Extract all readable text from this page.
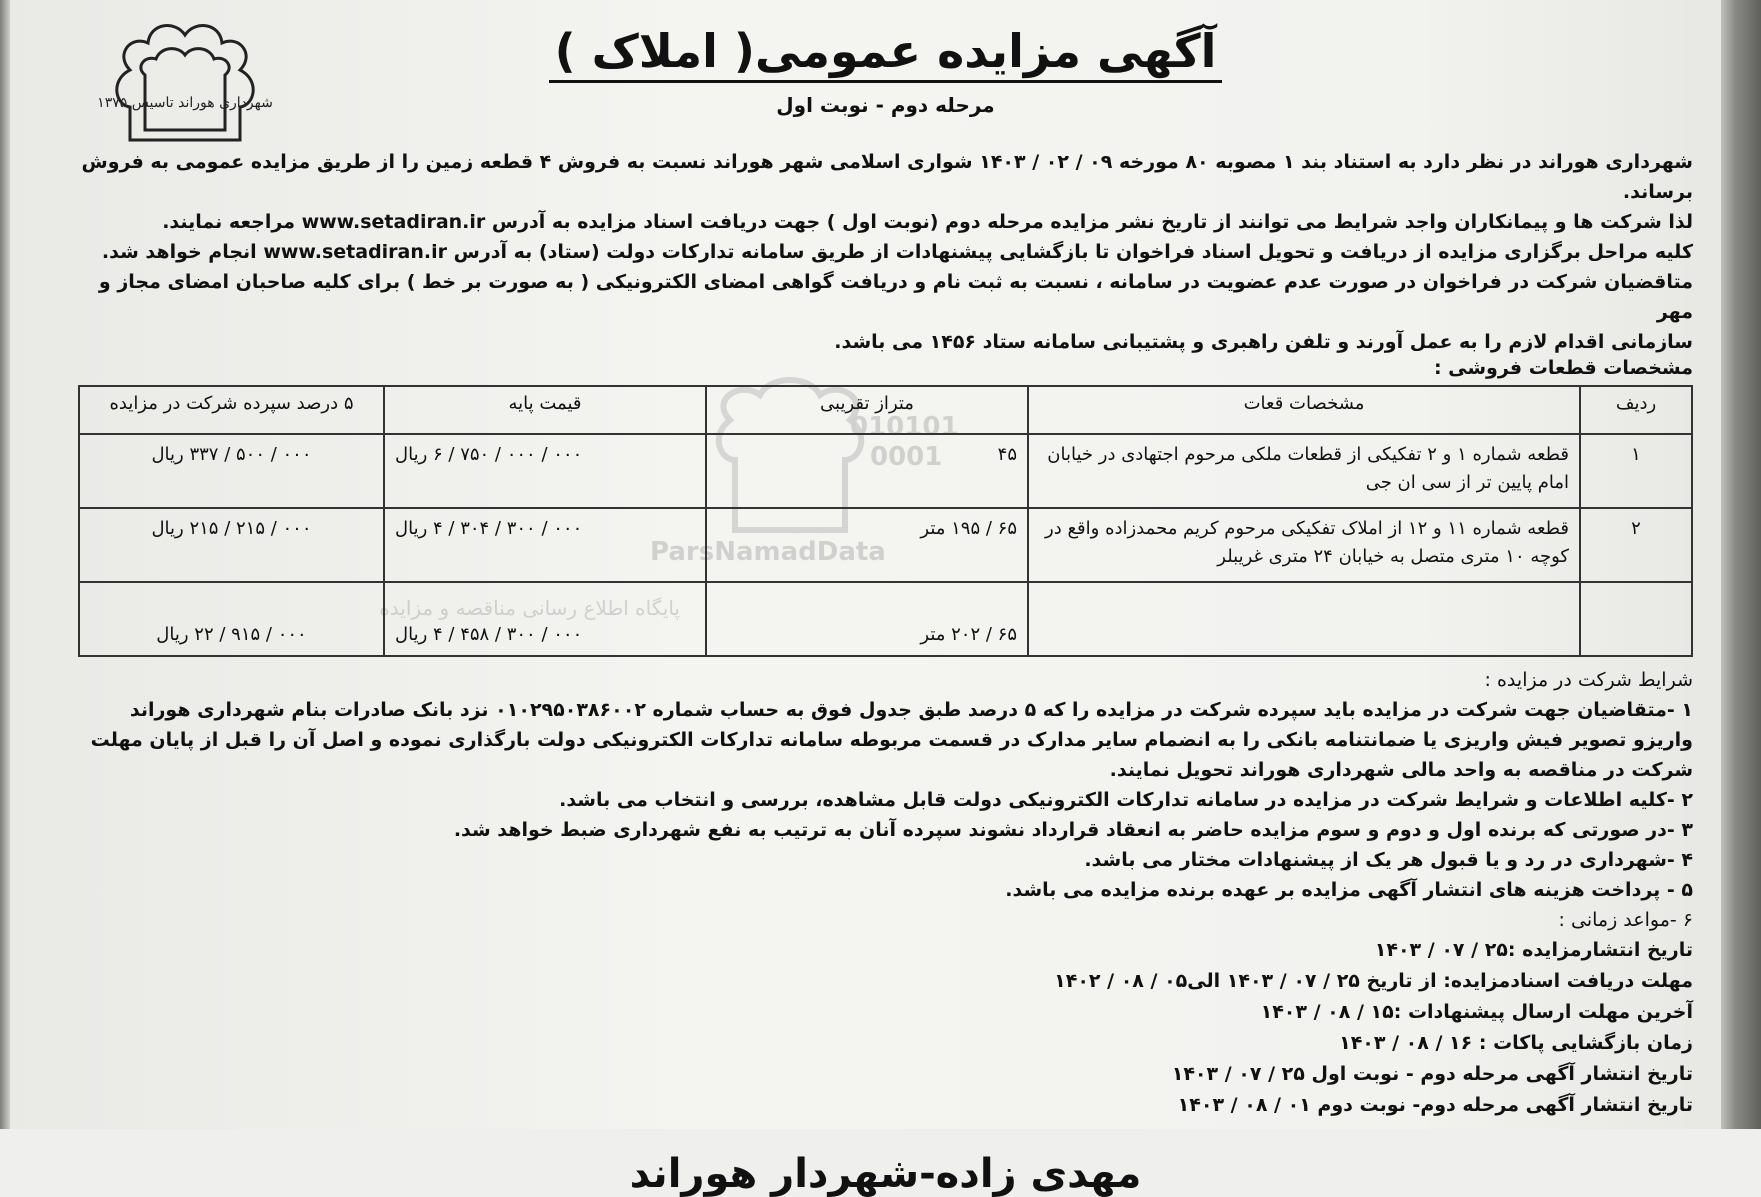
شهرداری هوراند تاسیس ۱۳۷۵
010101
0001
ParsNamadData
پایگاه اطلاع رسانی مناقصه و مزایده
آگهی مزایده عمومی( املاک )
مرحله دوم - نوبت اول

شهرداری هوراند در نظر دارد به استناد بند ۱ مصوبه ۸۰ مورخه ۰۹ / ۰۲ / ۱۴۰۳ شوارى اسلامی شهر هوراند نسبت به فروش ۴ قطعه زمین را از طریق مزایده عمومی به فروش برساند.

لذا شرکت ها و پیمانکاران واجد شرایط می توانند از تاریخ نشر مزایده مرحله دوم (نوبت اول ) جهت دریافت اسناد مزایده به آدرس www.setadiran.ir مراجعه نمایند.

کلیه مراحل برگزاری مزایده از دریافت و تحویل اسناد فراخوان تا بازگشایی پیشنهادات از طریق سامانه تدارکات دولت (ستاد) به آدرس www.setadiran.ir انجام خواهد شد.

متاقضیان شرکت در فراخوان در صورت عدم عضویت در سامانه ، نسبت به ثبت نام و دریافت گواهی امضای الکترونیکی ( به صورت بر خط ) برای کلیه صاحبان امضای مجاز و مهر

سازمانی اقدام لازم را به عمل آورند و تلفن راهبری و پشتیبانی سامانه ستاد ۱۴۵۶ می باشد.

مشخصات قطعات فروشی :
ردیف	مشخصات قعات	متراز تقریبی	قیمت پایه	۵ درصد سپرده شرکت در مزایده
۱	قطعه شماره ۱ و ۲ تفکیکی از قطعات ملکی مرحوم اجتهادی در خیابان امام پایین تر از سی ان جی	۴۵	۰۰۰ / ۰۰۰ / ۷۵۰ / ۶ ریال	۰۰۰ / ۵۰۰ / ۳۳۷ ریال
۲	قطعه شماره ۱۱ و ۱۲ از املاک تفکیکی مرحوم کریم محمدزاده واقع در کوچه ۱۰ متری متصل به خیابان ۲۴ متری غریبلر	۶۵ / ۱۹۵ متر	۰۰۰ / ۳۰۰ / ۳۰۴ / ۴ ریال	۰۰۰ / ۲۱۵ / ۲۱۵ ریال
		۶۵ / ۲۰۲ متر	۰۰۰ / ۳۰۰ / ۴۵۸ / ۴ ریال	۰۰۰ / ۹۱۵ / ۲۲ ریال

شرایط شرکت در مزایده :

۱ -متقاضیان جهت شرکت در مزایده باید سپرده شرکت در مزایده را که ۵ درصد طبق جدول فوق به حساب شماره ۰۱۰۲۹۵۰۳۸۶۰۰۲ نزد بانک صادرات بنام شهرداری هوراند واریزو تصویر فیش واریزی یا ضمانتنامه بانکی را به انضمام سایر مدارک در قسمت مربوطه سامانه تدارکات الکترونیکی دولت بارگذاری نموده و اصل آن را قبل از پایان مهلت شرکت در مناقصه به واحد مالی شهرداری هوراند تحویل نمایند.

۲ -کلیه اطلاعات و شرایط شرکت در مزایده در سامانه تدارکات الکترونیکی دولت قابل مشاهده، بررسی و انتخاب می باشد.

۳ -در صورتی که برنده اول و دوم و سوم مزایده حاضر به انعقاد قرارداد نشوند سپرده آنان به ترتیب به نفع شهرداری ضبط خواهد شد.

۴ -شهرداری در رد و یا قبول هر یک از پیشنهادات مختار می باشد.

۵ - پرداخت هزینه های انتشار آگهی مزایده بر عهده برنده مزایده می باشد.

۶ -مواعد زمانی :

تاریخ انتشارمزایده :۲۵ / ۰۷ / ۱۴۰۳

مهلت دریافت اسنادمزایده: از تاریخ ۲۵ / ۰۷ / ۱۴۰۳ الی۰۵ / ۰۸ / ۱۴۰۲

آخرین مهلت ارسال پیشنهادات :۱۵ / ۰۸ / ۱۴۰۳

زمان بازگشایی پاکات : ۱۶ / ۰۸ / ۱۴۰۳

تاریخ انتشار آگهی مرحله دوم - نوبت اول ۲۵ / ۰۷ / ۱۴۰۳

تاریخ انتشار آگهی مرحله دوم- نوبت دوم ۰۱ / ۰۸ / ۱۴۰۳

مهدی زاده-شهردار هوراند
